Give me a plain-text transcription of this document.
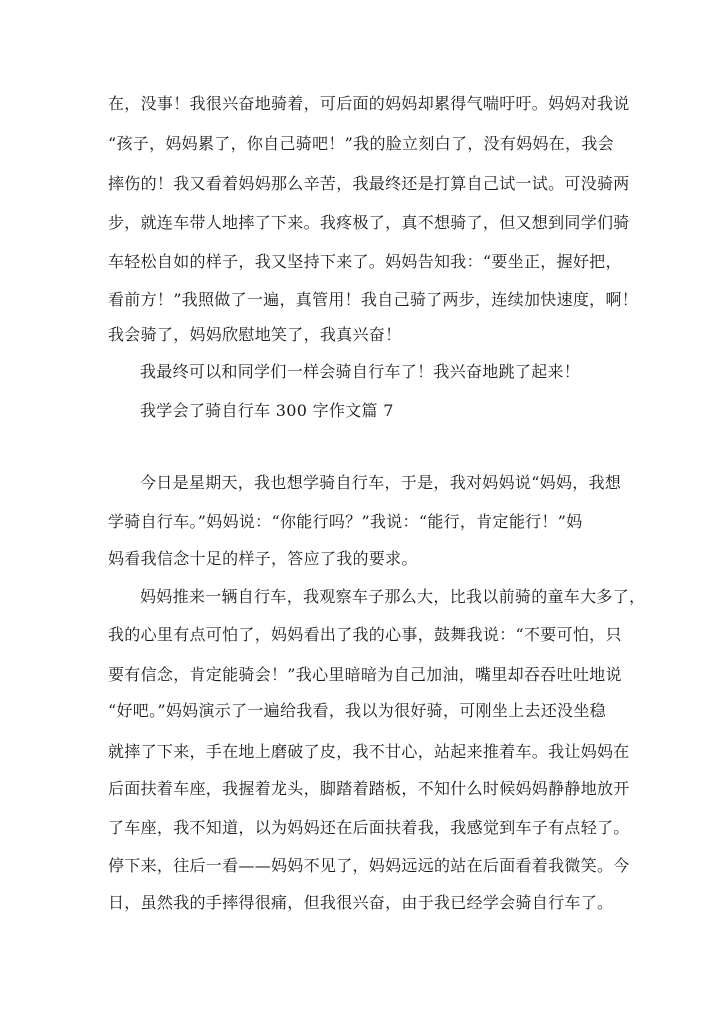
在，没事！我很兴奋地骑着，可后面的妈妈却累得气喘吁吁。妈妈对我说
“孩子，妈妈累了，你自己骑吧！”我的脸立刻白了，没有妈妈在，我会
摔伤的！我又看着妈妈那么辛苦，我最终还是打算自己试一试。可没骑两
步，就连车带人地摔了下来。我疼极了，真不想骑了，但又想到同学们骑
车轻松自如的样子，我又坚持下来了。妈妈告知我：“要坐正，握好把，
看前方！”我照做了一遍，真管用！我自己骑了两步，连续加快速度，啊！
我会骑了，妈妈欣慰地笑了，我真兴奋！
我最终可以和同学们一样会骑自行车了！我兴奋地跳了起来！
我学会了骑自行车 300 字作文篇 7
今日是星期天，我也想学骑自行车，于是，我对妈妈说“妈妈，我想
学骑自行车。”妈妈说：“你能行吗？”我说：“能行，肯定能行！”妈
妈看我信念十足的样子，答应了我的要求。
妈妈推来一辆自行车，我观察车子那么大，比我以前骑的童车大多了，
我的心里有点可怕了，妈妈看出了我的心事，鼓舞我说：“不要可怕，只
要有信念，肯定能骑会！”我心里暗暗为自己加油，嘴里却吞吞吐吐地说
“好吧。”妈妈演示了一遍给我看，我以为很好骑，可刚坐上去还没坐稳
就摔了下来，手在地上磨破了皮，我不甘心，站起来推着车。我让妈妈在
后面扶着车座，我握着龙头，脚踏着踏板，不知什么时候妈妈静静地放开
了车座，我不知道，以为妈妈还在后面扶着我，我感觉到车子有点轻了。
停下来，往后一看——妈妈不见了，妈妈远远的站在后面看着我微笑。今
日，虽然我的手摔得很痛，但我很兴奋，由于我已经学会骑自行车了。
